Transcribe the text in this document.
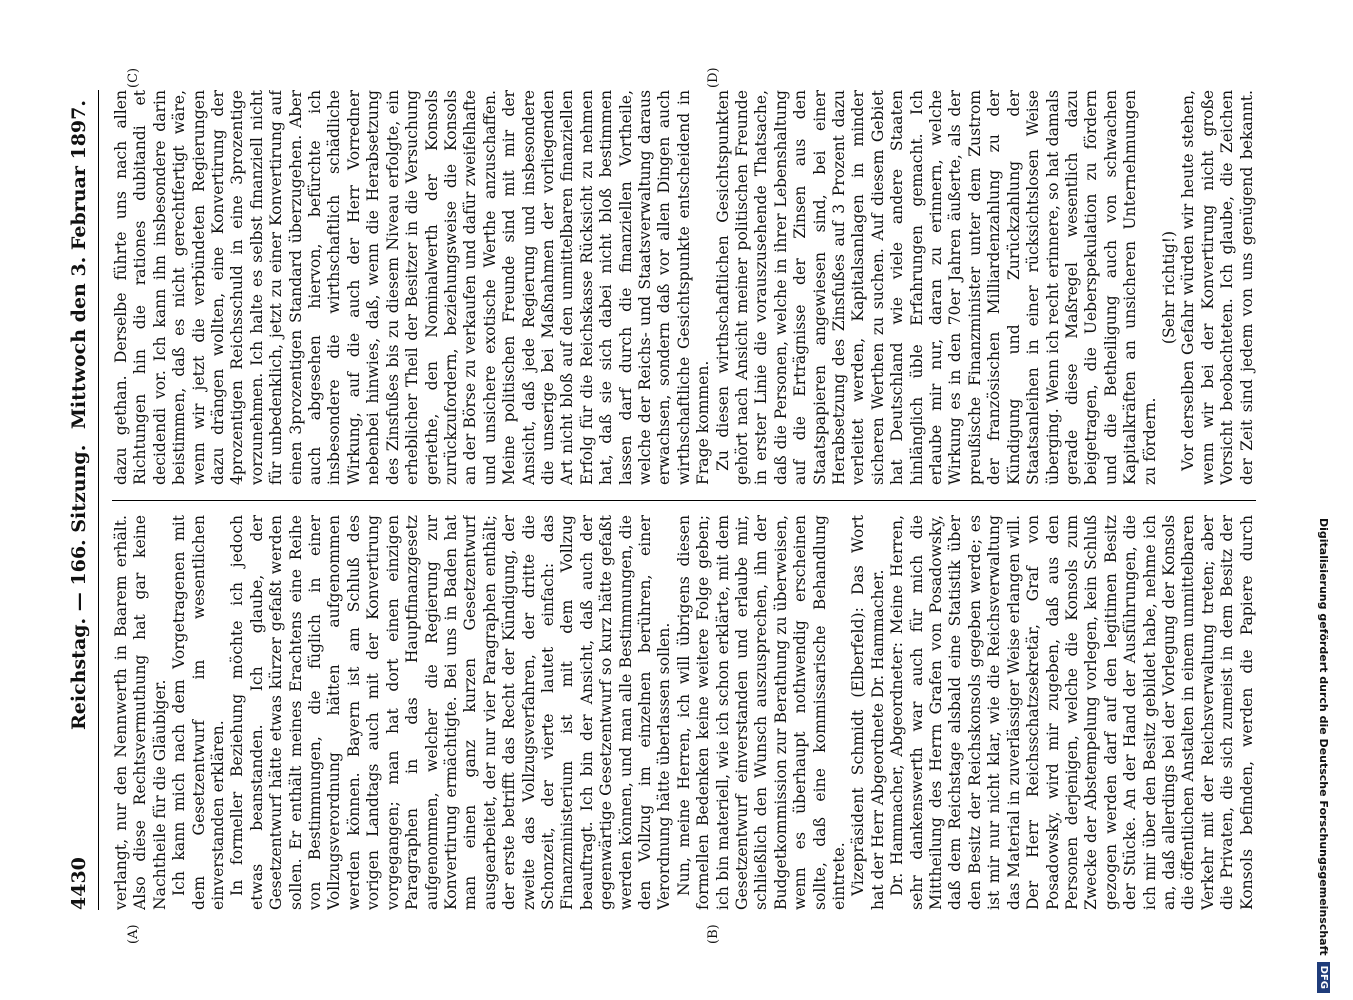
4430
Reichstag. — 166. Sitzung.
Mittwoch den 3. Februar 1897.
(A)	(B)
(C)	(D)

verlangt, nur den Nennwerth in Baarem erhält. Also diese Rechtsvermuthung hat gar keine Nachtheile für die Gläubiger. Ich kann mich nach dem Vorgetragenen mit dem Gesetzentwurf im wesentlichen einverstanden erklären. In formeller Beziehung möchte ich jedoch etwas beanstanden. Ich glaube, der Gesetzentwurf hätte etwas kürzer gefaßt werden sollen. Er enthält meines Erachtens eine Reihe von Bestimmungen, die füglich in einer Vollzugsverordnung hätten aufgenommen werden können. Bayern ist am Schluß des vorigen Landtags auch mit der Konvertirung vorgegangen; man hat dort einen einzigen Paragraphen in das Hauptfinanzgesetz aufgenommen, welcher die Regierung zur Konvertirung ermächtigte. Bei uns in Baden hat man einen ganz kurzen Gesetzentwurf ausgearbeitet, der nur vier Paragraphen enthält; der erste betrifft das Recht der Kündigung, der zweite das Vollzugsverfahren, der dritte die Schonzeit, der vierte lautet einfach: das Finanzministerium ist mit dem Vollzug beauftragt. Ich bin der Ansicht, daß auch der gegenwärtige Gesetzentwurf so kurz hätte gefaßt werden können, und man alle Bestimmungen, die den Vollzug im einzelnen berühren, einer Verordnung hätte überlassen sollen. Nun, meine Herren, ich will übrigens diesen formellen Bedenken keine weitere Folge geben; ich bin materiell, wie ich schon erklärte, mit dem Gesetzentwurf einverstanden und erlaube mir, schließlich den Wunsch auszusprechen, ihn der Budgetkommission zur Berathung zu überweisen, wenn es überhaupt nothwendig erscheinen sollte, daß eine kommissarische Behandlung eintrete. Vizepräsident Schmidt (Elberfeld): Das Wort hat der Herr Abgeordnete Dr. Hammacher. Dr. Hammacher, Abgeordneter: Meine Herren, sehr dankenswerth war auch für mich die Mittheilung des Herrn Grafen von Posadowsky, daß dem Reichstage alsbald eine Statistik über den Besitz der Reichskonsols gegeben werde; es ist mir nur nicht klar, wie die Reichsverwaltung das Material in zuverlässiger Weise erlangen will. Der Herr Reichsschatzsekretär, Graf von Posadowsky, wird mir zugeben, daß aus den Personen derjenigen, welche die Konsols zum Zwecke der Abstempelung vorlegen, kein Schluß gezogen werden darf auf den legitimen Besitz der Stücke. An der Hand der Ausführungen, die ich mir über den Besitz gebildet habe, nehme ich an, daß allerdings bei der Vorlegung der Konsols die öffentlichen Anstalten in einem unmittelbaren Verkehr mit der Reichsverwaltung treten; aber die Privaten, die sich zumeist in dem Besitz der Konsols befinden, werden die Papiere durch

dazu gethan. Derselbe führte uns nach allen Richtungen hin die rationes dubitandi et decidendi vor. Ich kann ihn insbesondere darin beistimmen, daß es nicht gerechtfertigt wäre, wenn wir jetzt die verbündeten Regierungen dazu drängen wollten, eine Konvertirung der 4prozentigen Reichsschuld in eine 3prozentige vorzunehmen. Ich halte es selbst finanziell nicht für unbedenklich, jetzt zu einer Konvertirung auf einen 3prozentigen Standard überzugehen. Aber auch abgesehen hiervon, befürchte ich insbesondere die wirthschaftlich schädliche Wirkung, auf die auch der Herr Vorredner nebenbei hinwies, daß, wenn die Herabsetzung des Zinsfußes bis zu diesem Niveau erfolgte, ein erheblicher Theil der Besitzer in die Versuchung geriethe, den Nominalwerth der Konsols zurückzufordern, beziehungsweise die Konsols an der Börse zu verkaufen und dafür zweifelhafte und unsichere exotische Werthe anzuschaffen. Meine politischen Freunde sind mit mir der Ansicht, daß jede Regierung und insbesondere die unserige bei Maßnahmen der vorliegenden Art nicht bloß auf den unmittelbaren finanziellen Erfolg für die Reichskasse Rücksicht zu nehmen hat, daß sie sich dabei nicht bloß bestimmen lassen darf durch die finanziellen Vortheile, welche der Reichs- und Staatsverwaltung daraus erwachsen, sondern daß vor allen Dingen auch wirthschaftliche Gesichtspunkte entscheidend in Frage kommen. Zu diesen wirthschaftlichen Gesichtspunkten gehört nach Ansicht meiner politischen Freunde in erster Linie die vorauszusehende Thatsache, daß die Personen, welche in ihrer Lebenshaltung auf die Erträgnisse der Zinsen aus den Staatspapieren angewiesen sind, bei einer Herabsetzung des Zinsfußes auf 3 Prozent dazu verleitet werden, Kapitalsanlagen in minder sicheren Werthen zu suchen. Auf diesem Gebiet hat Deutschland wie viele andere Staaten hinlänglich üble Erfahrungen gemacht. Ich erlaube mir nur, daran zu erinnern, welche Wirkung es in den 70er Jahren äußerte, als der preußische Finanzminister unter dem Zustrom der französischen Milliardenzahlung zu der Kündigung und Zurückzahlung der Staatsanleihen in einer rücksichtslosen Weise überging. Wenn ich recht erinnere, so hat damals gerade diese Maßregel wesentlich dazu beigetragen, die Ueberspekulation zu fördern und die Betheiligung auch von schwachen Kapitalkräften an unsicheren Unternehmungen zu fördern.

(Sehr richtig!)

Vor derselben Gefahr würden wir heute stehen, wenn wir bei der Konvertirung nicht große Vorsicht beobachteten. Ich glaube, die Zeichen der Zeit sind jedem von uns genügend bekannt.

Digitalisierung gefördert durch die Deutsche Forschungsgemeinschaft
DFG
